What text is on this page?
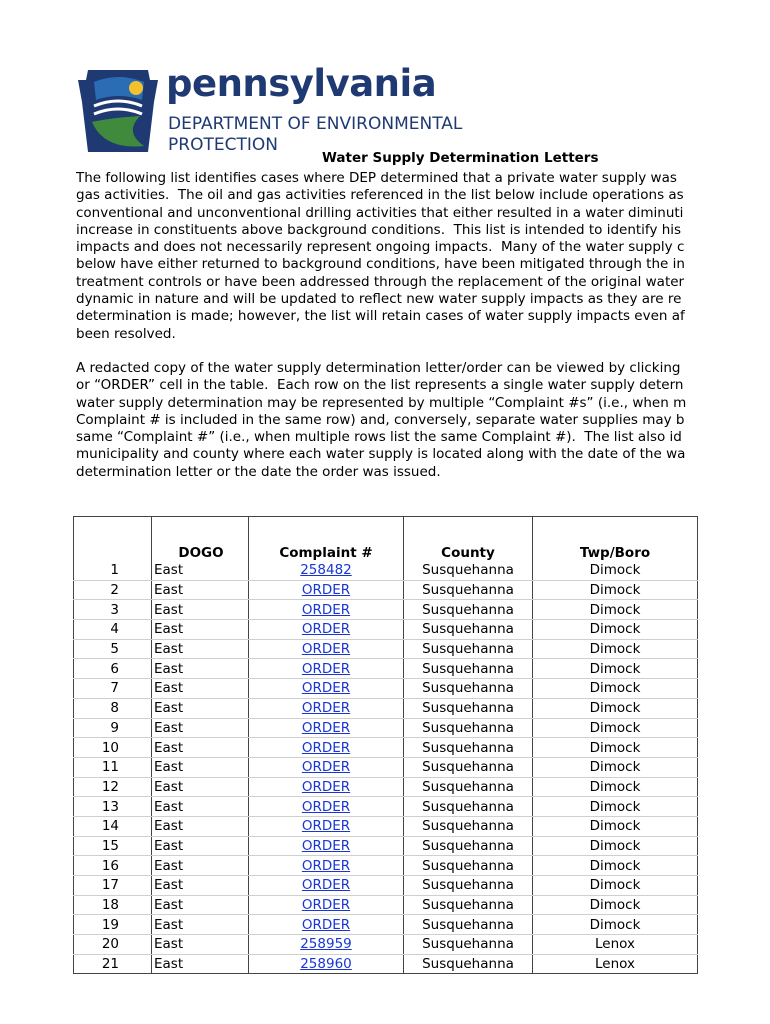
pennsylvania
DEPARTMENT OF ENVIRONMENTAL
PROTECTION
Water Supply Determination Letters
The following list identifies cases where DEP determined that a private water supply was
gas activities.  The oil and gas activities referenced in the list below include operations as
conventional and unconventional drilling activities that either resulted in a water diminuti
increase in constituents above background conditions.  This list is intended to identify his
impacts and does not necessarily represent ongoing impacts.  Many of the water supply c
below have either returned to background conditions, have been mitigated through the in
treatment controls or have been addressed through the replacement of the original water
dynamic in nature and will be updated to reflect new water supply impacts as they are re
determination is made; however, the list will retain cases of water supply impacts even af
been resolved.
A redacted copy of the water supply determination letter/order can be viewed by clicking
or “ORDER” cell in the table.  Each row on the list represents a single water supply detern
water supply determination may be represented by multiple “Complaint #s” (i.e., when m
Complaint # is included in the same row) and, conversely, separate water supplies may b
same “Complaint #” (i.e., when multiple rows list the same Complaint #).  The list also id
municipality and county where each water supply is located along with the date of the wa
determination letter or the date the order was issued.
	DOGO	Complaint #	County	Twp/Boro
1	East	258482	Susquehanna	Dimock
2	East	ORDER	Susquehanna	Dimock
3	East	ORDER	Susquehanna	Dimock
4	East	ORDER	Susquehanna	Dimock
5	East	ORDER	Susquehanna	Dimock
6	East	ORDER	Susquehanna	Dimock
7	East	ORDER	Susquehanna	Dimock
8	East	ORDER	Susquehanna	Dimock
9	East	ORDER	Susquehanna	Dimock
10	East	ORDER	Susquehanna	Dimock
11	East	ORDER	Susquehanna	Dimock
12	East	ORDER	Susquehanna	Dimock
13	East	ORDER	Susquehanna	Dimock
14	East	ORDER	Susquehanna	Dimock
15	East	ORDER	Susquehanna	Dimock
16	East	ORDER	Susquehanna	Dimock
17	East	ORDER	Susquehanna	Dimock
18	East	ORDER	Susquehanna	Dimock
19	East	ORDER	Susquehanna	Dimock
20	East	258959	Susquehanna	Lenox
21	East	258960	Susquehanna	Lenox
